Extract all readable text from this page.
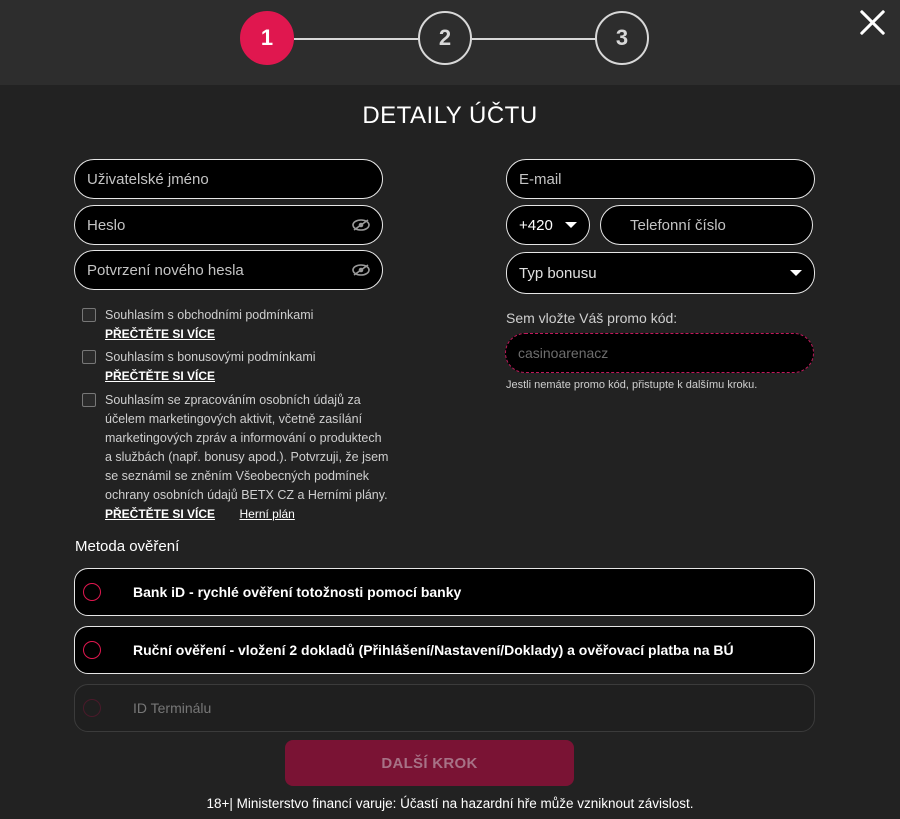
1	2	3
DETAILY ÚČTU
Uživatelské jméno
Heslo
Potvrzení nového hesla
Souhlasím s obchodními podmínkami
PŘEČTĚTE SI VÍCE
Souhlasím s bonusovými podmínkami
PŘEČTĚTE SI VÍCE
Souhlasím se zpracováním osobních údajů za
účelem marketingových aktivit, včetně zasílání
marketingových zpráv a informování o produktech
a službách (např. bonusy apod.). Potvrzuji, že jsem
se seznámil se zněním Všeobecných podmínek
ochrany osobních údajů BETX CZ a Herními plány.
PŘEČTĚTE SI VÍCE Herní plán
E-mail
+420	Telefonní číslo
Typ bonusu
Sem vložte Váš promo kód:
casinoarenacz
Jestli nemáte promo kód, přistupte k dalšímu kroku.
Metoda ověření
Bank iD - rychlé ověření totožnosti pomocí banky
Ruční ověření - vložení 2 dokladů (Přihlášení/Nastavení/Doklady) a ověřovací platba na BÚ
ID Terminálu
DALŠÍ KROK
18+| Ministerstvo financí varuje: Účastí na hazardní hře může vzniknout závislost.
